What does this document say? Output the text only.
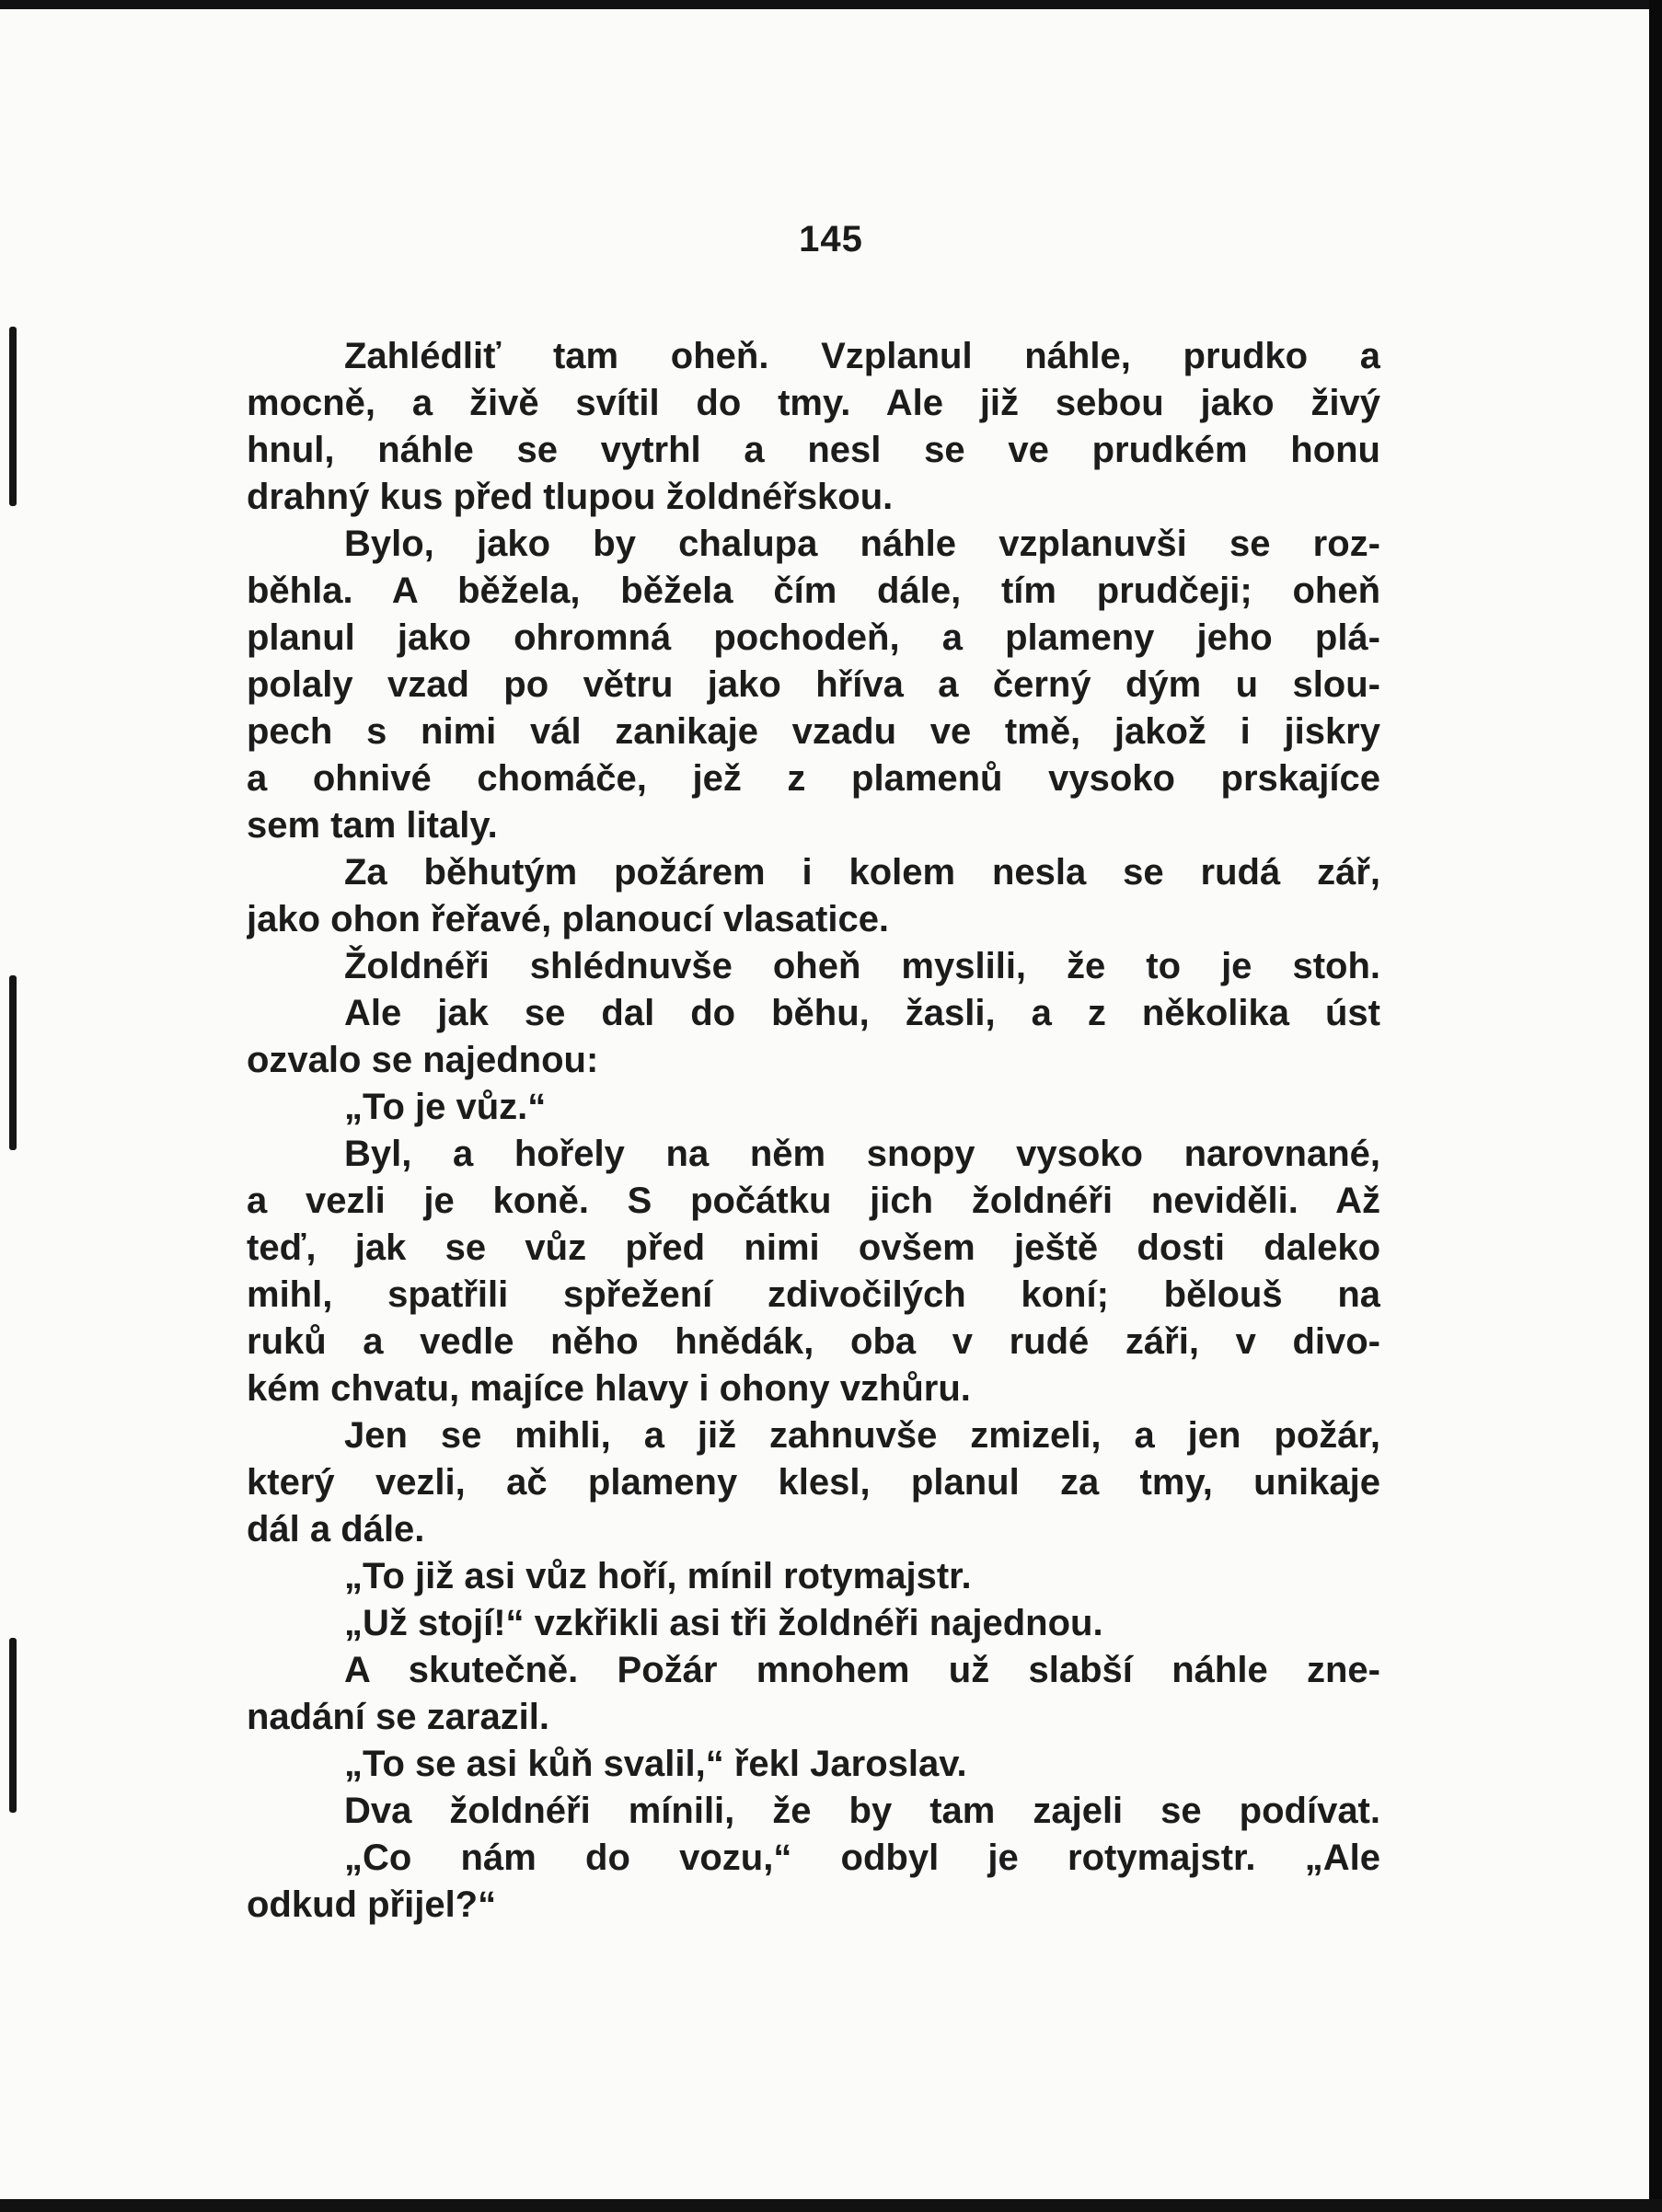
145
Zahlédliť tam oheň. Vzplanul náhle, prudko a
mocně, a živě svítil do tmy. Ale již sebou jako živý
hnul, náhle se vytrhl a nesl se ve prudkém honu
drahný kus před tlupou žoldnéřskou.
Bylo, jako by chalupa náhle vzplanuvši se roz-
běhla. A běžela, běžela čím dále, tím prudčeji; oheň
planul jako ohromná pochodeň, a plameny jeho plá-
polaly vzad po větru jako hříva a černý dým u slou-
pech s nimi vál zanikaje vzadu ve tmě, jakož i jiskry
a ohnivé chomáče, jež z plamenů vysoko prskajíce
sem tam litaly.
Za běhutým požárem i kolem nesla se rudá zář,
jako ohon řeřavé, planoucí vlasatice.
Žoldnéři shlédnuvše oheň myslili, že to je stoh.
Ale jak se dal do běhu, žasli, a z několika úst
ozvalo se najednou:
„To je vůz.“
Byl, a hořely na něm snopy vysoko narovnané,
a vezli je koně. S počátku jich žoldnéři neviděli. Až
teď, jak se vůz před nimi ovšem ještě dosti daleko
mihl, spatřili spřežení zdivočilých koní; bělouš na
ruků a vedle něho hnědák, oba v rudé záři, v divo-
kém chvatu, majíce hlavy i ohony vzhůru.
Jen se mihli, a již zahnuvše zmizeli, a jen požár,
který vezli, ač plameny klesl, planul za tmy, unikaje
dál a dále.
„To již asi vůz hoří, mínil rotymajstr.
„Už stojí!“ vzkřikli asi tři žoldnéři najednou.
A skutečně. Požár mnohem už slabší náhle zne-
nadání se zarazil.
„To se asi kůň svalil,“ řekl Jaroslav.
Dva žoldnéři mínili, že by tam zajeli se podívat.
„Co nám do vozu,“ odbyl je rotymajstr. „Ale
odkud přijel?“
